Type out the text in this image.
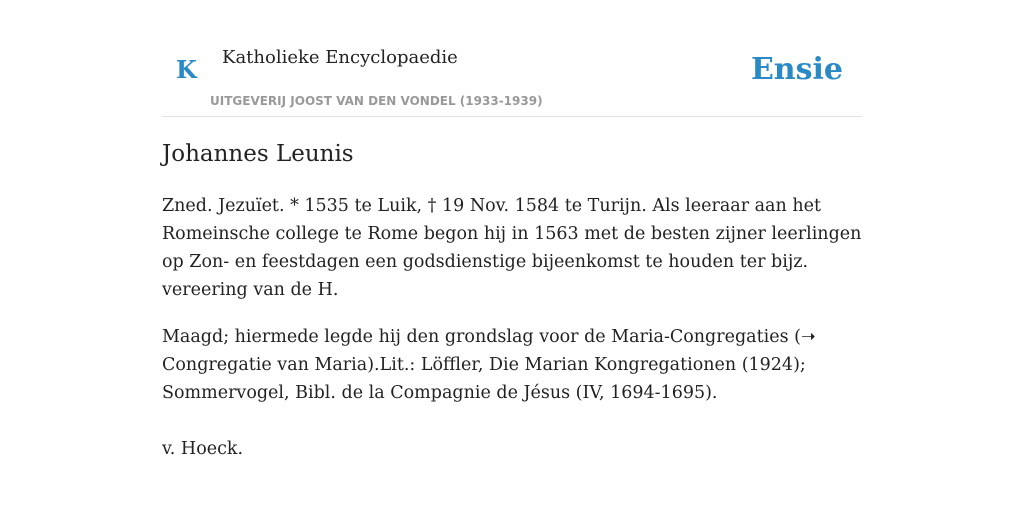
K Katholieke Encyclopaedie
UITGEVERIJ JOOST VAN DEN VONDEL (1933-1939)
Ensie
Johannes Leunis

Zned. Jezuïet. * 1535 te Luik, † 19 Nov. 1584 te Turijn. Als leeraar aan het Romeinsche college te Rome begon hij in 1563 met de besten zijner leerlingen op Zon- en feestdagen een godsdienstige bijeenkomst te houden ter bijz. vereering van de H.

Maagd; hiermede legde hij den grondslag voor de Maria-Congregaties (➝ Congregatie van Maria).Lit.: Löffler, Die Marian Kongregationen (1924); Sommervogel, Bibl. de la Compagnie de Jésus (IV, 1694-1695).

v. Hoeck.
